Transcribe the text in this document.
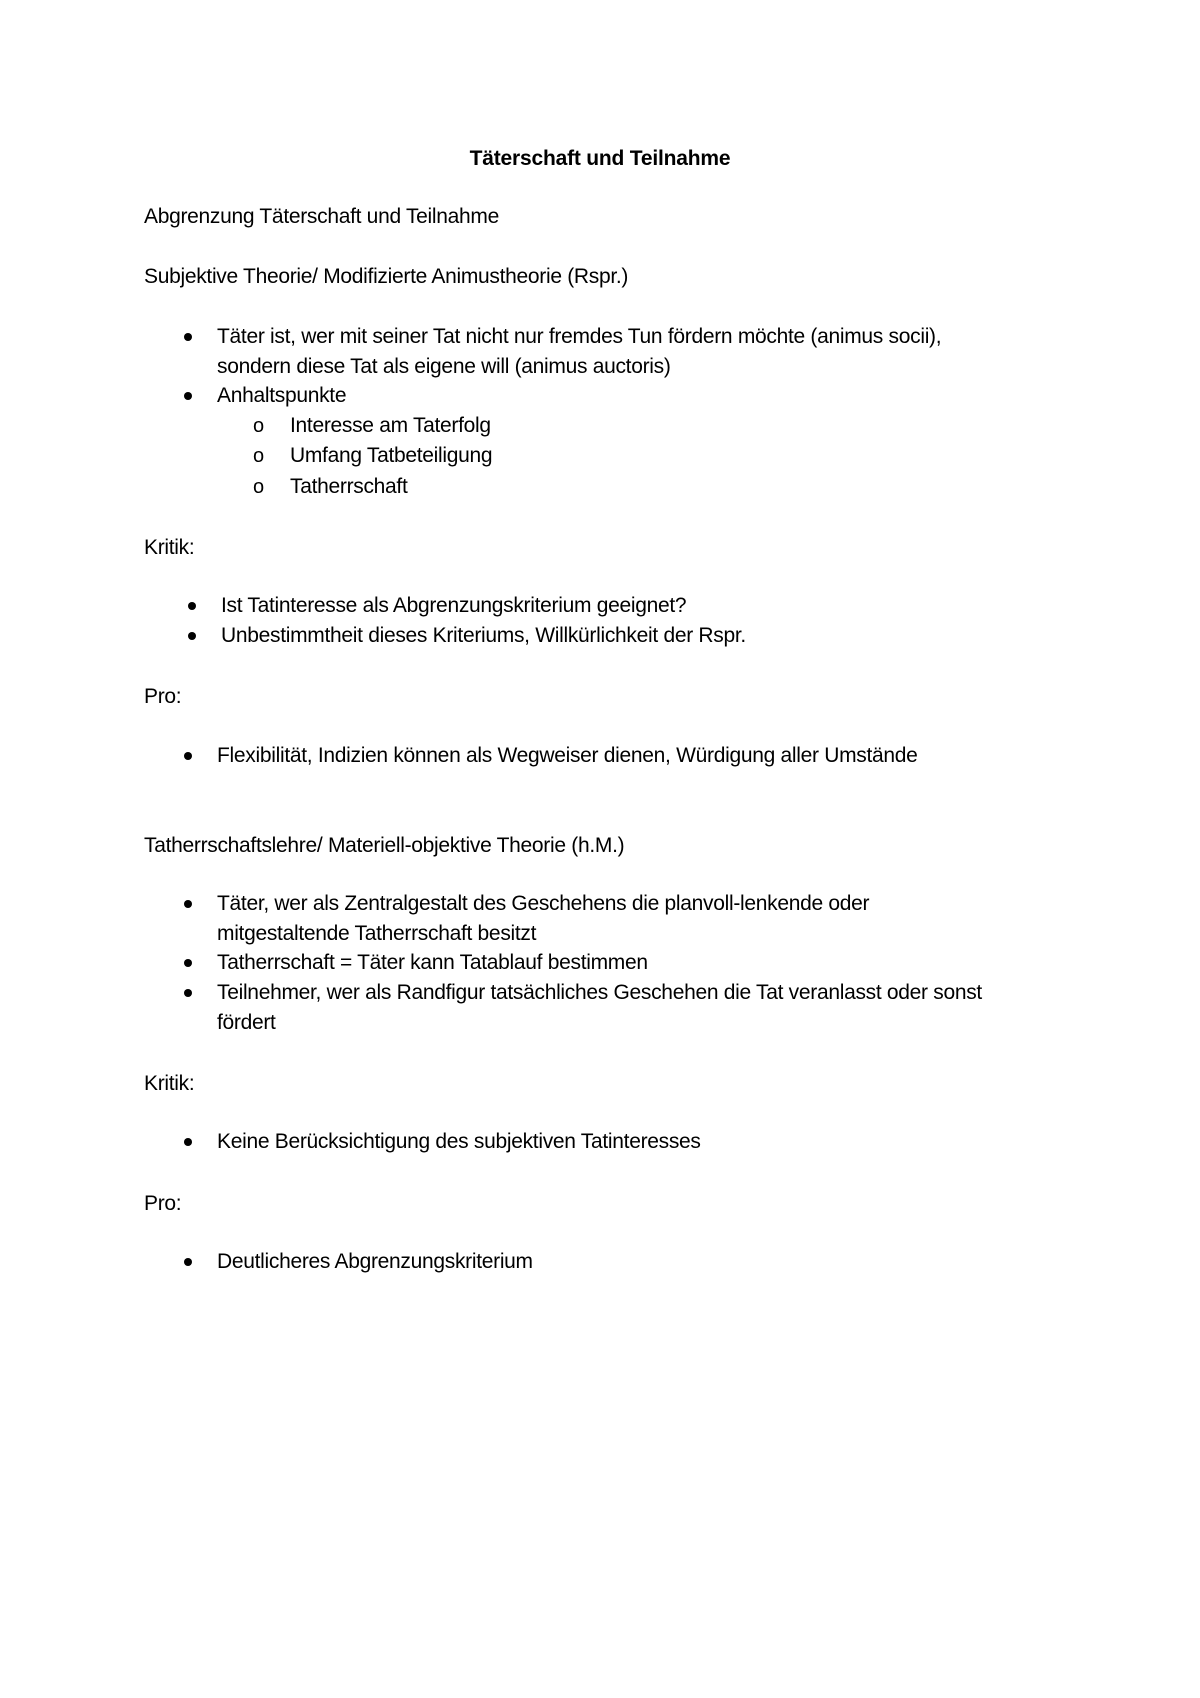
Täterschaft und Teilnahme
Abgrenzung Täterschaft und Teilnahme
Subjektive Theorie/ Modifizierte Animustheorie (Rspr.)
Täter ist, wer mit seiner Tat nicht nur fremdes Tun fördern möchte (animus socii),
sondern diese Tat als eigene will (animus auctoris)
Anhaltspunkte
o Interesse am Taterfolg
o Umfang Tatbeteiligung
o Tatherrschaft
Kritik:
Ist Tatinteresse als Abgrenzungskriterium geeignet?
Unbestimmtheit dieses Kriteriums, Willkürlichkeit der Rspr.
Pro:
Flexibilität, Indizien können als Wegweiser dienen, Würdigung aller Umstände
Tatherrschaftslehre/ Materiell-objektive Theorie (h.M.)
Täter, wer als Zentralgestalt des Geschehens die planvoll-lenkende oder
mitgestaltende Tatherrschaft besitzt
Tatherrschaft = Täter kann Tatablauf bestimmen
Teilnehmer, wer als Randfigur tatsächliches Geschehen die Tat veranlasst oder sonst
fördert
Kritik:
Keine Berücksichtigung des subjektiven Tatinteresses
Pro:
Deutlicheres Abgrenzungskriterium
